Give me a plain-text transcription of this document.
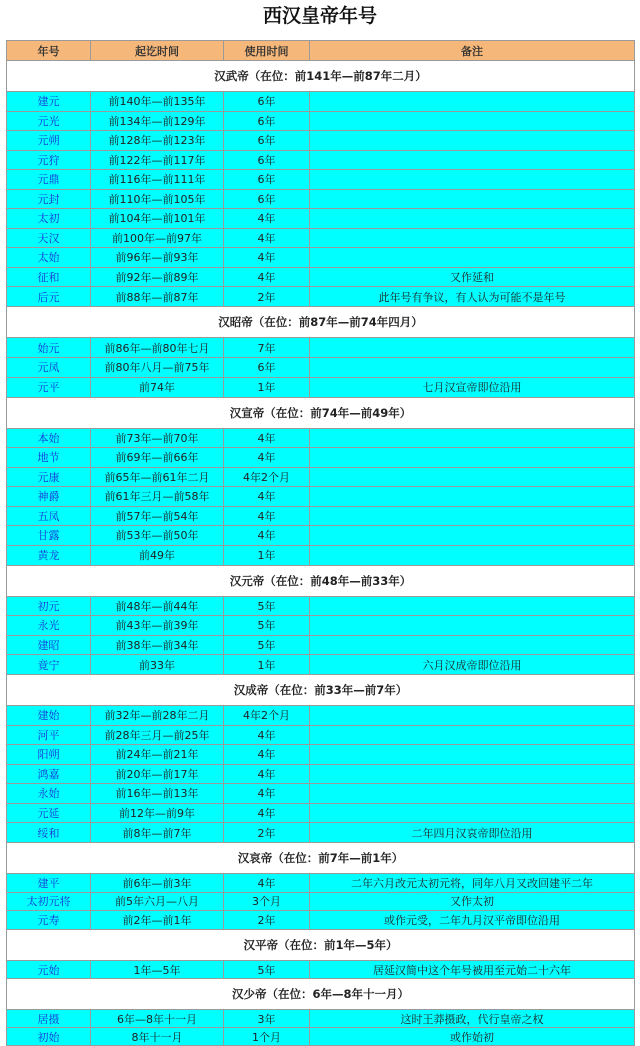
西汉皇帝年号
年号	起讫时间	使用时间	备注
汉武帝（在位：前141年—前87年二月）			
建元	前140年—前135年	6年	
元光	前134年—前129年	6年	
元朔	前128年—前123年	6年	
元狩	前122年—前117年	6年	
元鼎	前116年—前111年	6年	
元封	前110年—前105年	6年	
太初	前104年—前101年	4年	
天汉	前100年—前97年	4年	
太始	前96年—前93年	4年	
征和	前92年—前89年	4年	又作延和
后元	前88年—前87年	2年	此年号有争议，有人认为可能不是年号
汉昭帝（在位：前87年—前74年四月）			
始元	前86年—前80年七月	7年	
元凤	前80年八月—前75年	6年	
元平	前74年	1年	七月汉宣帝即位沿用
汉宣帝（在位：前74年—前49年）			
本始	前73年—前70年	4年	
地节	前69年—前66年	4年	
元康	前65年—前61年二月	4年2个月	
神爵	前61年三月—前58年	4年	
五凤	前57年—前54年	4年	
甘露	前53年—前50年	4年	
黄龙	前49年	1年	
汉元帝（在位：前48年—前33年）			
初元	前48年—前44年	5年	
永光	前43年—前39年	5年	
建昭	前38年—前34年	5年	
竟宁	前33年	1年	六月汉成帝即位沿用
汉成帝（在位：前33年—前7年）			
建始	前32年—前28年二月	4年2个月	
河平	前28年三月—前25年	4年	
阳朔	前24年—前21年	4年	
鸿嘉	前20年—前17年	4年	
永始	前16年—前13年	4年	
元延	前12年—前9年	4年	
绥和	前8年—前7年	2年	二年四月汉哀帝即位沿用
汉哀帝（在位：前7年—前1年）			
建平	前6年—前3年	4年	二年六月改元太初元将，同年八月又改回建平二年
太初元将	前5年六月—八月	3个月	又作太初
元寿	前2年—前1年	2年	或作元受，二年九月汉平帝即位沿用
汉平帝（在位：前1年—5年）			
元始	1年—5年	5年	居延汉简中这个年号被用至元始二十六年
汉少帝（在位：6年—8年十一月）			
居摄	6年—8年十一月	3年	这时王莽摄政，代行皇帝之权
初始	8年十一月	1个月	或作始初
